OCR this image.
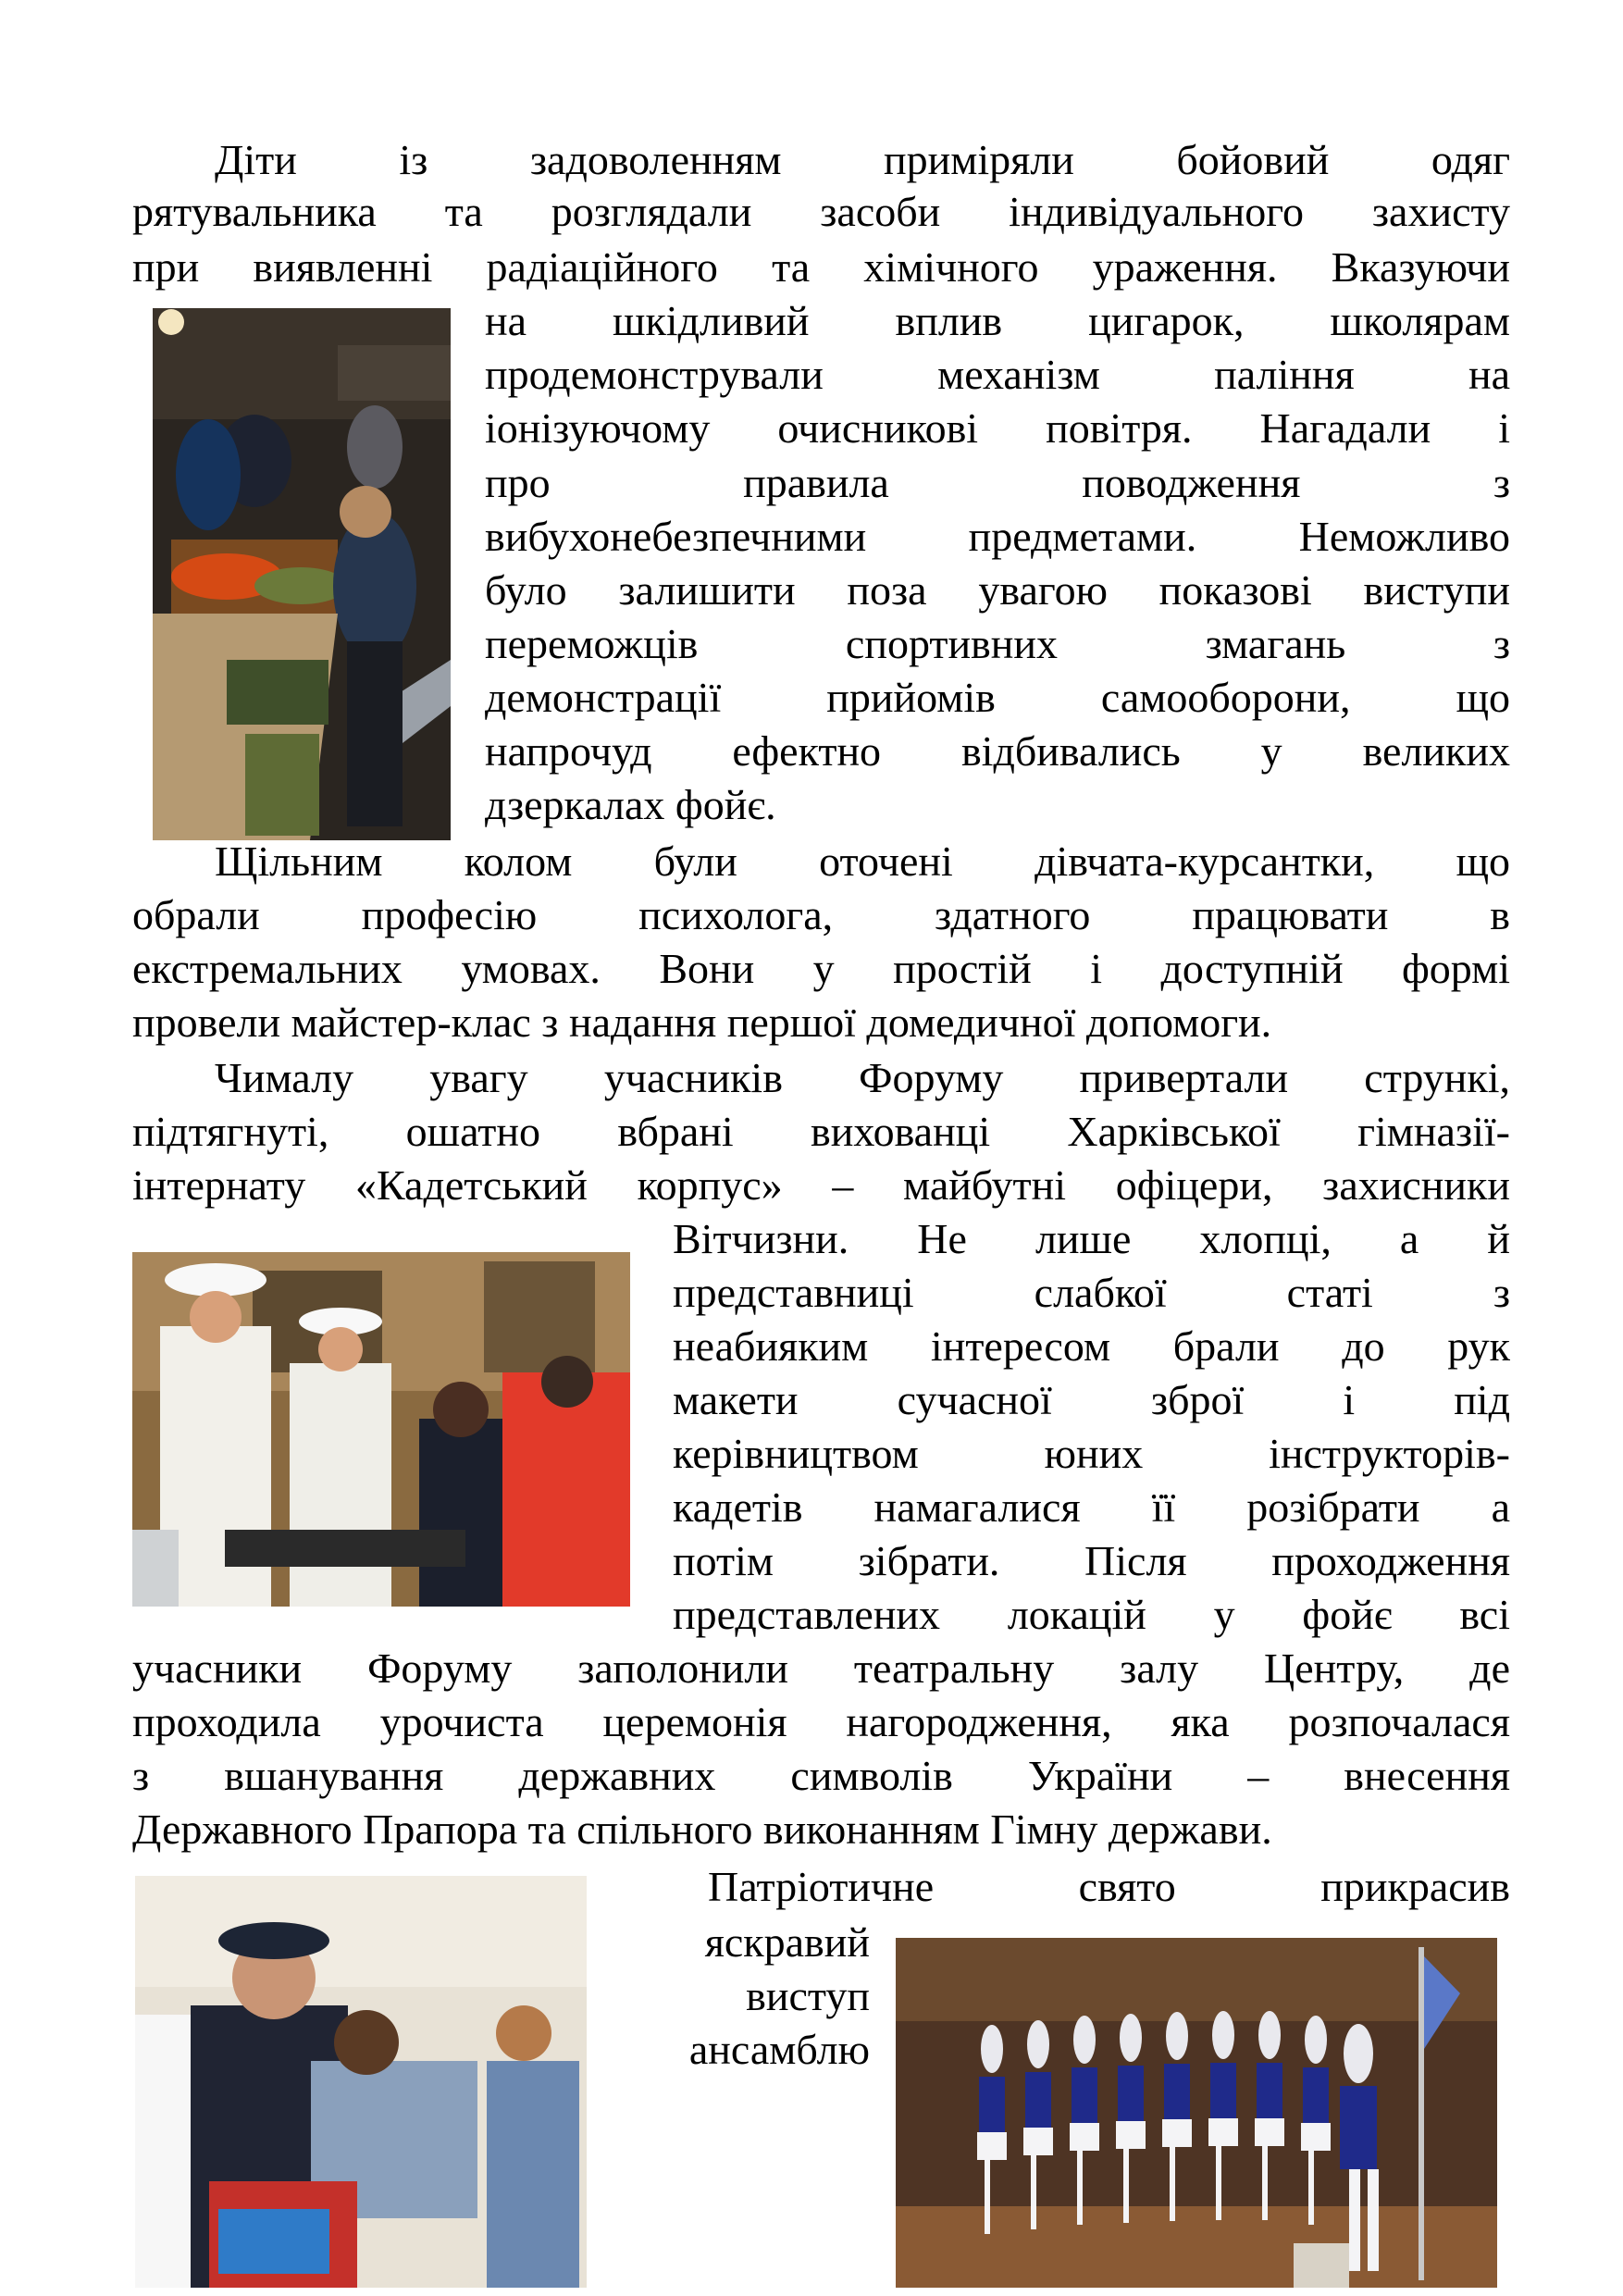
Діти із задоволенням приміряли бойовий одяг
рятувальника та розглядали засоби індивідуального захисту
при виявленні радіаційного та хімічного ураження. Вказуючи
на шкідливий вплив цигарок, школярам
продемонстрували механізм паління на
іонізуючому очисникові повітря. Нагадали і
про правила поводження з
вибухонебезпечними предметами. Неможливо
було залишити поза увагою показові виступи
переможців спортивних змагань з
демонстрації прийомів самооборони, що
напрочуд ефектно відбивались у великих
дзеркалах фойє.
Щільним колом були оточені дівчата-курсантки, що
обрали професію психолога, здатного працювати в
екстремальних умовах. Вони у простій і доступній формі
провели майстер-клас з надання першої домедичної допомоги.
Чималу увагу учасників Форуму привертали стрункі,
підтягнуті, ошатно вбрані вихованці Харківської гімназії-
інтернату «Кадетський корпус» – майбутні офіцери, захисники
Вітчизни. Не лише хлопці, а й
представниці слабкої статі з
неабияким інтересом брали до рук
макети сучасної зброї і під
керівництвом юних інструкторів-
кадетів намагалися її розібрати а
потім зібрати. Після проходження
представлених локацій у фойє всі
учасники Форуму заполонили театральну залу Центру, де
проходила урочиста церемонія нагородження, яка розпочалася
з вшанування державних символів України – внесення
Державного Прапора та спільного виконанням Гімну держави.
Патріотичне свято прикрасив
яскравий
виступ
ансамблю
